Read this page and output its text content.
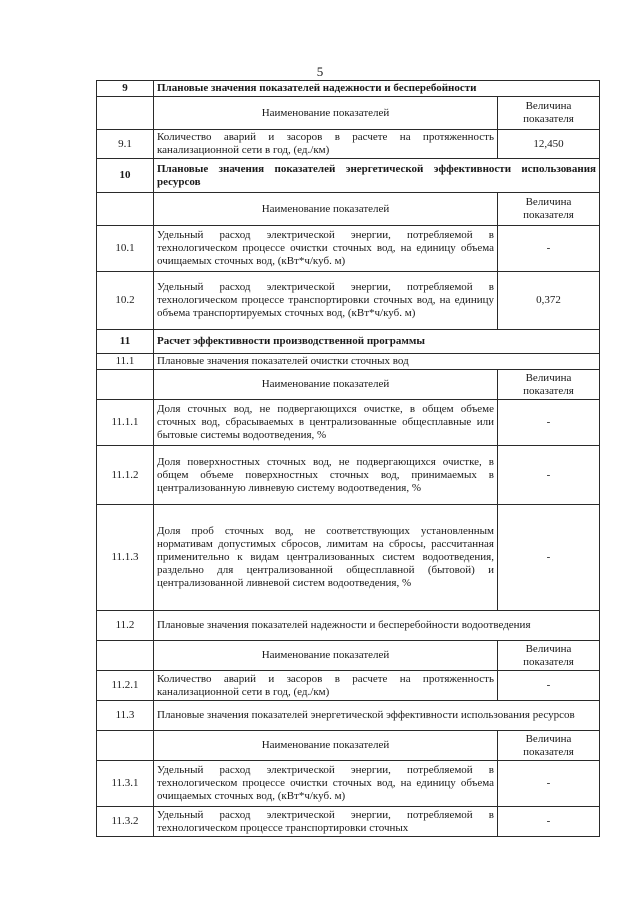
5
9	Плановые значения показателей надежности и бесперебойности	
	Наименование показателей	Величина показателя
9.1	Количество аварий и засоров в расчете на протяженность канализационной сети в год, (ед./км)	12,450
10	Плановые значения показателей энергетической эффективности использования ресурсов	
	Наименование показателей	Величина показателя
10.1	Удельный расход электрической энергии, потребляемой в технологическом процессе очистки сточных вод, на единицу объема очищаемых сточных вод, (кВт*ч/куб. м)	-
10.2	Удельный расход электрической энергии, потребляемой в технологическом процессе транспортировки сточных вод, на единицу объема транспортируемых сточных вод, (кВт*ч/куб. м)	0,372
11	Расчет эффективности производственной программы	
11.1	Плановые значения показателей очистки сточных вод	
	Наименование показателей	Величина показателя
11.1.1	Доля сточных вод, не подвергающихся очистке, в общем объеме сточных вод, сбрасываемых в централизованные общесплавные или бытовые системы водоотведения, %	-
11.1.2	Доля поверхностных сточных вод, не подвергающихся очистке, в общем объеме поверхностных сточных вод, принимаемых в централизованную ливневую систему водоотведения, %	-
11.1.3	Доля проб сточных вод, не соответствующих установленным нормативам допустимых сбросов, лимитам на сбросы, рассчитанная применительно к видам централизованных систем водоотведения, раздельно для централизованной общесплавной (бытовой) и централизованной ливневой систем водоотведения, %	-
11.2	Плановые значения показателей надежности и бесперебойности водоотведения	
	Наименование показателей	Величина показателя
11.2.1	Количество аварий и засоров в расчете на протяженность канализационной сети в год, (ед./км)	-
11.3	Плановые значения показателей энергетической эффективности использования ресурсов	
	Наименование показателей	Величина показателя
11.3.1	Удельный расход электрической энергии, потребляемой в технологическом процессе очистки сточных вод, на единицу объема очищаемых сточных вод, (кВт*ч/куб. м)	-
11.3.2	Удельный расход электрической энергии, потребляемой в технологическом процессе транспортировки сточных	-
